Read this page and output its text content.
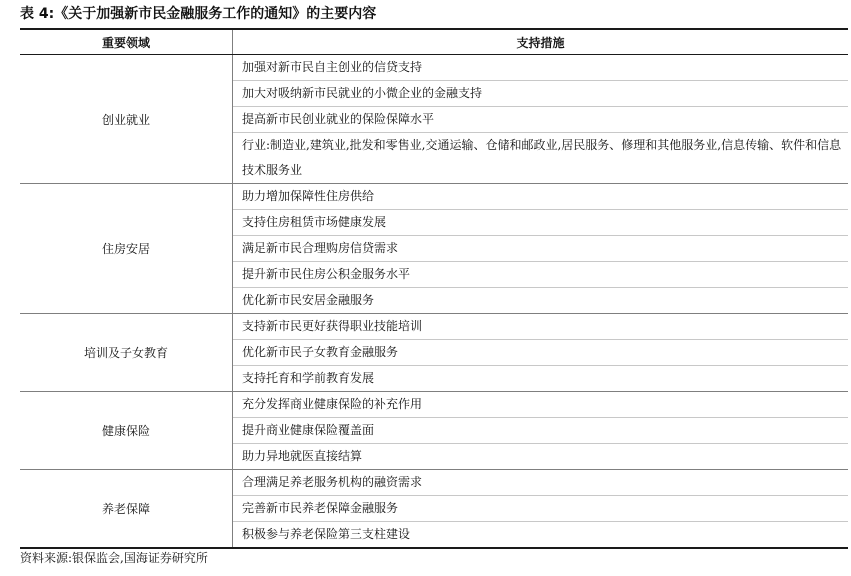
表 4:《关于加强新市民金融服务工作的通知》的主要内容
重要领域	支持措施
创业就业	加强对新市民自主创业的信贷支持
	加大对吸纳新市民就业的小微企业的金融支持
	提高新市民创业就业的保险保障水平
	行业:制造业,建筑业,批发和零售业,交通运输、仓储和邮政业,居民服务、修理和其他服务业,信息传输、软件和信息技术服务业
住房安居	助力增加保障性住房供给
	支持住房租赁市场健康发展
	满足新市民合理购房信贷需求
	提升新市民住房公积金服务水平
	优化新市民安居金融服务
培训及子女教育	支持新市民更好获得职业技能培训
	优化新市民子女教育金融服务
	支持托育和学前教育发展
健康保险	充分发挥商业健康保险的补充作用
	提升商业健康保险覆盖面
	助力异地就医直接结算
养老保障	合理满足养老服务机构的融资需求
	完善新市民养老保障金融服务
	积极参与养老保险第三支柱建设
资料来源:银保监会,国海证券研究所
